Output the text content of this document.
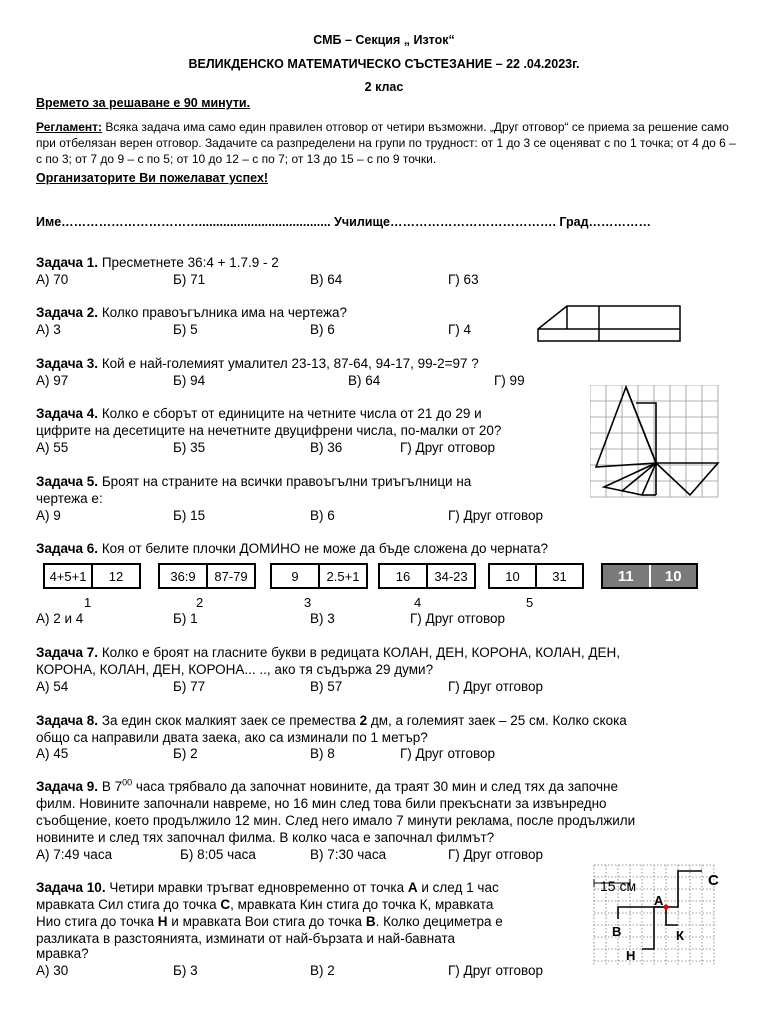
СМБ – Секция „ Изток“
ВЕЛИКДЕНСКО МАТЕМАТИЧЕСКО СЪСТЕЗАНИЕ – 22 .04.2023г.
2 клас
Времето за решаване е 90 минути.
Регламент: Всяка задача има само един правилен отговор от четири възможни. „Друг отговор“ се приема за решение само при отбелязан верен отговор. Задачите са разпределени на групи по трудност: от 1 до 3 се оценяват с по 1 точка; от 4 до 6 – с по 3; от 7 до 9 – с по 5; от 10 до 12 – с по 7; от 13 до 15 – с по 9 точки.
Организаторите Ви пожелават успех!
Име……………………………...................................... Училище…………………………………. Град……………
Задача 1. Пресметнете 36:4 + 1.7.9 - 2
А) 70	Б) 71	В) 64	Г) 63
Задача 2. Колко правоъгълника има на чертежа?
А) 3	Б) 5	В) 6	Г) 4
Задача 3. Кой е най-големият умалител 23-13, 87-64, 94-17, 99-2=97 ?
А) 97	Б) 94	В) 64	Г) 99
Задача 4. Колко е сборът от единиците на четните числа от 21 до 29 и
цифрите на десетиците на нечетните двуцифрени числа, по-малки от 20?
А) 55	Б) 35	В) 36	Г) Друг отговор
Задача 5. Броят на страните на всички правоъгълни триъгълници на
чертежа е:
А) 9	Б) 15	В) 6	Г) Друг отговор
Задача 6. Коя от белите плочки ДОМИНО не може да бъде сложена до черната?
4+5+1	12	36:9	87-79	9	2.5+1	16	34-23	10	31	11	10
1	2	3	4	5
А) 2 и 4	Б) 1	В) 3	Г) Друг отговор
Задача 7. Колко е броят на гласните букви в редицата КОЛАН, ДЕН, КОРОНА, КОЛАН, ДЕН,
КОРОНА, КОЛАН, ДЕН, КОРОНА... .., ако тя съдържа 29 думи?
А) 54	Б) 77	В) 57	Г) Друг отговор
Задача 8. За един скок малкият заек се премества 2 дм, а големият заек – 25 см. Колко скока
общо са направили двата заека, ако са изминали по 1 метър?
А) 45	Б) 2	В) 8	Г) Друг отговор
Задача 9. В $7^{00}$ часа трябвало да започнат новините, да траят 30 мин и след тях да започне
филм. Новините започнали навреме, но 16 мин след това били прекъснати за извънредно
съобщение, което продължило 12 мин. След него имало 7 минути реклама, после продължили
новините и след тях започнал филма. В колко часа е започнал филмът?
А) 7:49 часа	Б) 8:05 часа	В) 7:30 часа	Г) Друг отговор
Задача 10. Четири мравки тръгват едновременно от точка А и след 1 час
мравката Сил стига до точка С, мравката Кин стига до точка К, мравката
Нио стига до точка Н и мравката Вои стига до точка В. Колко дециметра е
разликата в разстоянията, изминати от най-бързата и най-бавната
мравка?
А) 30	Б) 3	В) 2	Г) Друг отговор
15 см
А
С
В	К
Н
